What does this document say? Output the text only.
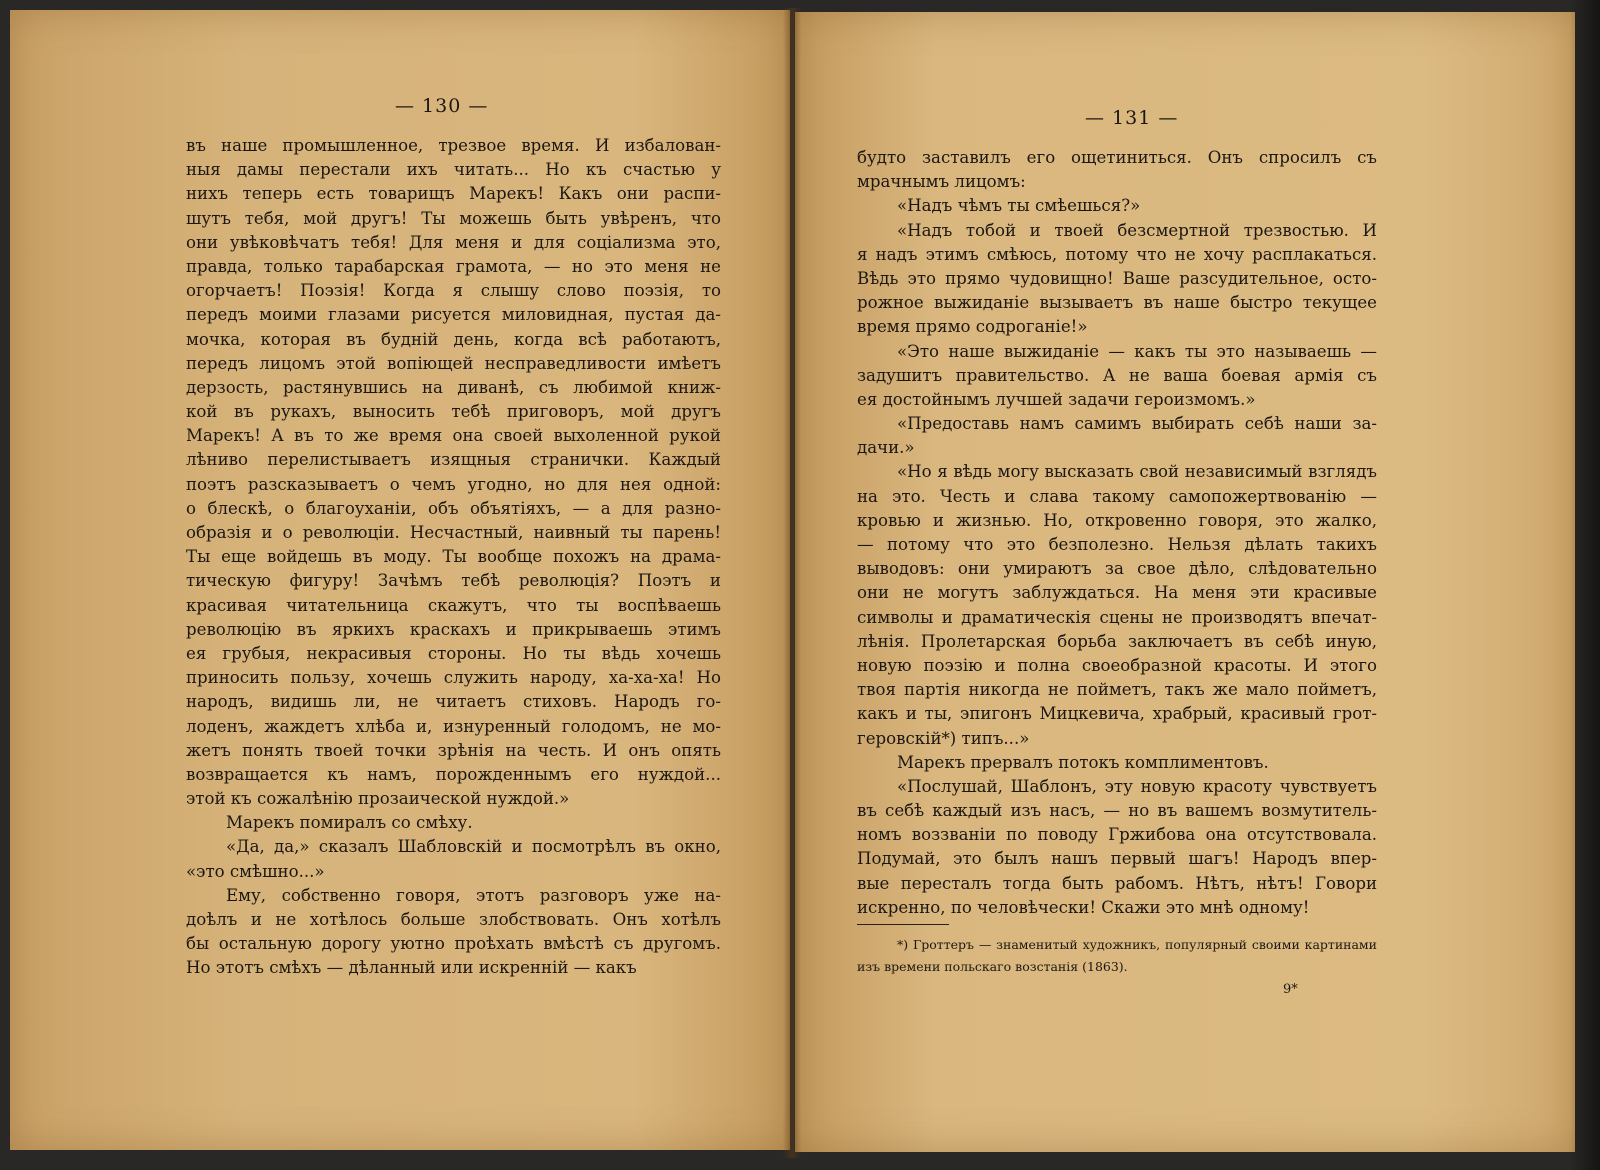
— 130 —
въ наше промышленное, трезвое время. И избалован-
ныя дамы перестали ихъ читать... Но къ счастью у
нихъ теперь есть товарищъ Марекъ! Какъ они распи-
шутъ тебя, мой другъ! Ты можешь быть увѣренъ, что
они увѣковѣчатъ тебя! Для меня и для соціализма это,
правда, только тарабарская грамота, — но это меня не
огорчаетъ! Поэзія! Когда я слышу слово поэзія, то
передъ моими глазами рисуется миловидная, пустая да-
мочка, которая въ будній день, когда всѣ работаютъ,
передъ лицомъ этой вопіющей несправедливости имѣетъ
дерзость, растянувшись на диванѣ, съ любимой книж-
кой въ рукахъ, выносить тебѣ приговоръ, мой другъ
Марекъ! А въ то же время она своей выхоленной рукой
лѣниво перелистываетъ изящныя странички. Каждый
поэтъ разсказываетъ о чемъ угодно, но для нея одной:
о блескѣ, о благоуханіи, объ объятіяхъ, — а для разно-
образія и о революціи. Несчастный, наивный ты парень!
Ты еще войдешь въ моду. Ты вообще похожъ на драма-
тическую фигуру! Зачѣмъ тебѣ революція? Поэтъ и
красивая читательница скажутъ, что ты воспѣваешь
революцію въ яркихъ краскахъ и прикрываешь этимъ
ея грубыя, некрасивыя стороны. Но ты вѣдь хочешь
приносить пользу, хочешь служить народу, ха-ха-ха! Но
народъ, видишь ли, не читаетъ стиховъ. Народъ го-
лоденъ, жаждетъ хлѣба и, изнуренный голодомъ, не мо-
жетъ понять твоей точки зрѣнія на честь. И онъ опять
возвращается къ намъ, порожденнымъ его нуждой...
этой къ сожалѣнію прозаической нуждой.»
Марекъ помиралъ со смѣху.
«Да, да,» сказалъ Шабловскій и посмотрѣлъ въ окно,
«это смѣшно...»
Ему, собственно говоря, этотъ разговоръ уже на-
доѣлъ и не хотѣлось больше злобствовать. Онъ хотѣлъ
бы остальную дорогу уютно проѣхать вмѣстѣ съ другомъ.
Но этотъ смѣхъ — дѣланный или искренній — какъ
— 131 —
будто заставилъ его ощетиниться. Онъ спросилъ съ
мрачнымъ лицомъ:
«Надъ чѣмъ ты смѣешься?»
«Надъ тобой и твоей безсмертной трезвостью. И
я надъ этимъ смѣюсь, потому что не хочу расплакаться.
Вѣдь это прямо чудовищно! Ваше разсудительное, осто-
рожное выжиданіе вызываетъ въ наше быстро текущее
время прямо содроганіе!»
«Это наше выжиданіе — какъ ты это называешь —
задушитъ правительство. А не ваша боевая армія съ
ея достойнымъ лучшей задачи героизмомъ.»
«Предоставь намъ самимъ выбирать себѣ наши за-
дачи.»
«Но я вѣдь могу высказать свой независимый взглядъ
на это. Честь и слава такому самопожертвованію —
кровью и жизнью. Но, откровенно говоря, это жалко,
— потому что это безполезно. Нельзя дѣлать такихъ
выводовъ: они умираютъ за свое дѣло, слѣдовательно
они не могутъ заблуждаться. На меня эти красивые
символы и драматическія сцены не производятъ впечат-
лѣнія. Пролетарская борьба заключаетъ въ себѣ иную,
новую поэзію и полна своеобразной красоты. И этого
твоя партія никогда не пойметъ, такъ же мало пойметъ,
какъ и ты, эпигонъ Мицкевича, храбрый, красивый грот-
геровскій*) типъ...»
Марекъ прервалъ потокъ комплиментовъ.
«Послушай, Шаблонъ, эту новую красоту чувствуетъ
въ себѣ каждый изъ насъ, — но въ вашемъ возмутитель-
номъ воззваніи по поводу Гржибова она отсутствовала.
Подумай, это былъ нашъ первый шагъ! Народъ впер-
вые пересталъ тогда быть рабомъ. Нѣтъ, нѣтъ! Говори
искренно, по человѣчески! Скажи это мнѣ одному!
*) Гроттеръ — знаменитый художникъ, популярный своими картинами
изъ времени польскаго возстанія (1863).
9*
